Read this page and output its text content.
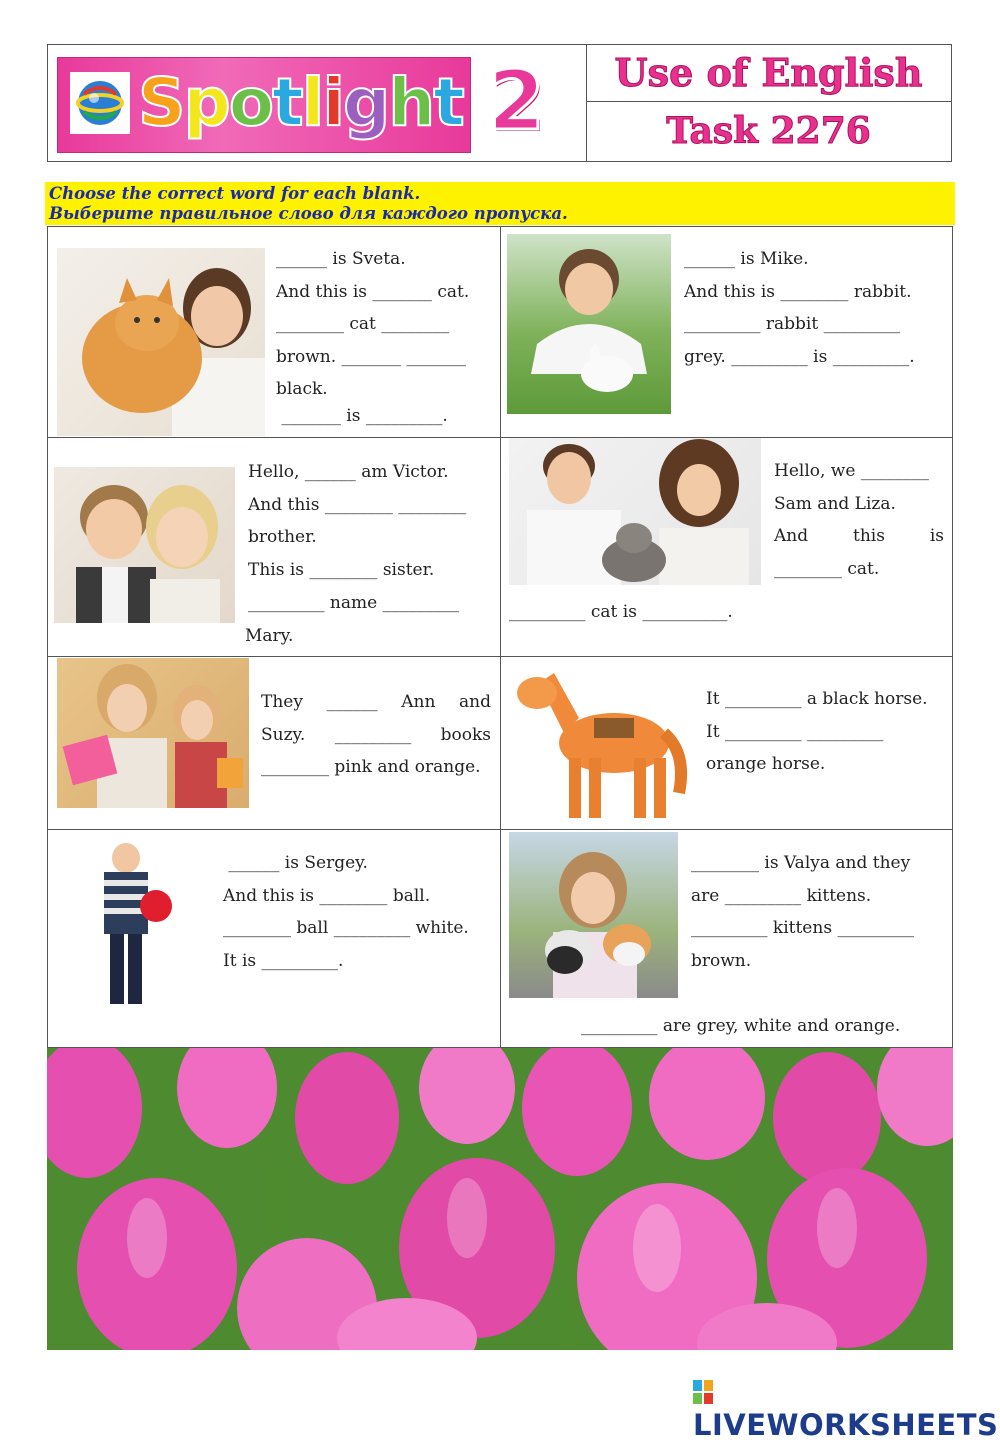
Spotlight 2	Use of English
Task 2276
Choose the correct word for each blank.
Выберите правильное слово для каждого пропуска.
______ is Sveta.
And this is _______ cat.
________ cat ________
brown. _______ _______
black.
_______ is _________.
______ is Mike.
And this is ________ rabbit.
_________ rabbit _________
grey. _________ is _________.
Hello, ______ am Victor.
And this ________ ________
brother.
This is ________ sister.
_________ name _________
Mary.
Hello, we ________
Sam and Liza.
And this is
________ cat.
_________ cat is __________.
They ______ Ann and
Suzy. _________ books
________ pink and orange.
It _________ a black horse.
It _________ _________
orange horse.
______ is Sergey.
And this is ________ ball.
________ ball _________ white.
It is _________.
________ is Valya and they
are _________ kittens.
_________ kittens _________
brown.
_________ are grey, white and orange.
LIVEWORKSHEETS
